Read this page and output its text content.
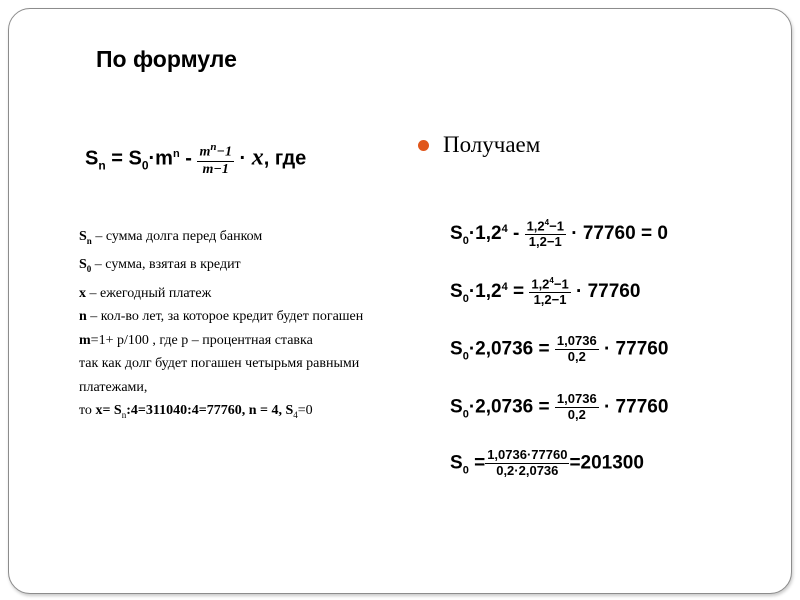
По формуле
$S_n = S_0\cdot m^n - \frac{m^n-1}{m-1} \cdot x$, где
$S_n$ – сумма долга перед банком
$S_0$ – сумма, взятая в кредит
x – ежегодный платеж
n – кол-во лет, за которое кредит будет погашен
m=1+ p/100 , где p – процентная ставка
так как долг будет погашен четырьмя равными платежами,
то $x= S_n:4=311040:4=77760$, n = 4, $S_4=0$
Получаем
$S_0\cdot 1,2^4 - \frac{1,2^4-1}{1,2-1} \cdot 77760 = 0$
$S_0\cdot 1,2^4 = \frac{1,2^4-1}{1,2-1} \cdot 77760$
$S_0\cdot 2,0736 = \frac{1,0736}{0,2} \cdot 77760$
$S_0\cdot 2,0736 = \frac{1,0736}{0,2} \cdot 77760$
$S_0 = \frac{1,0736\cdot 77760}{0,2\cdot 2,0736} =201300$
